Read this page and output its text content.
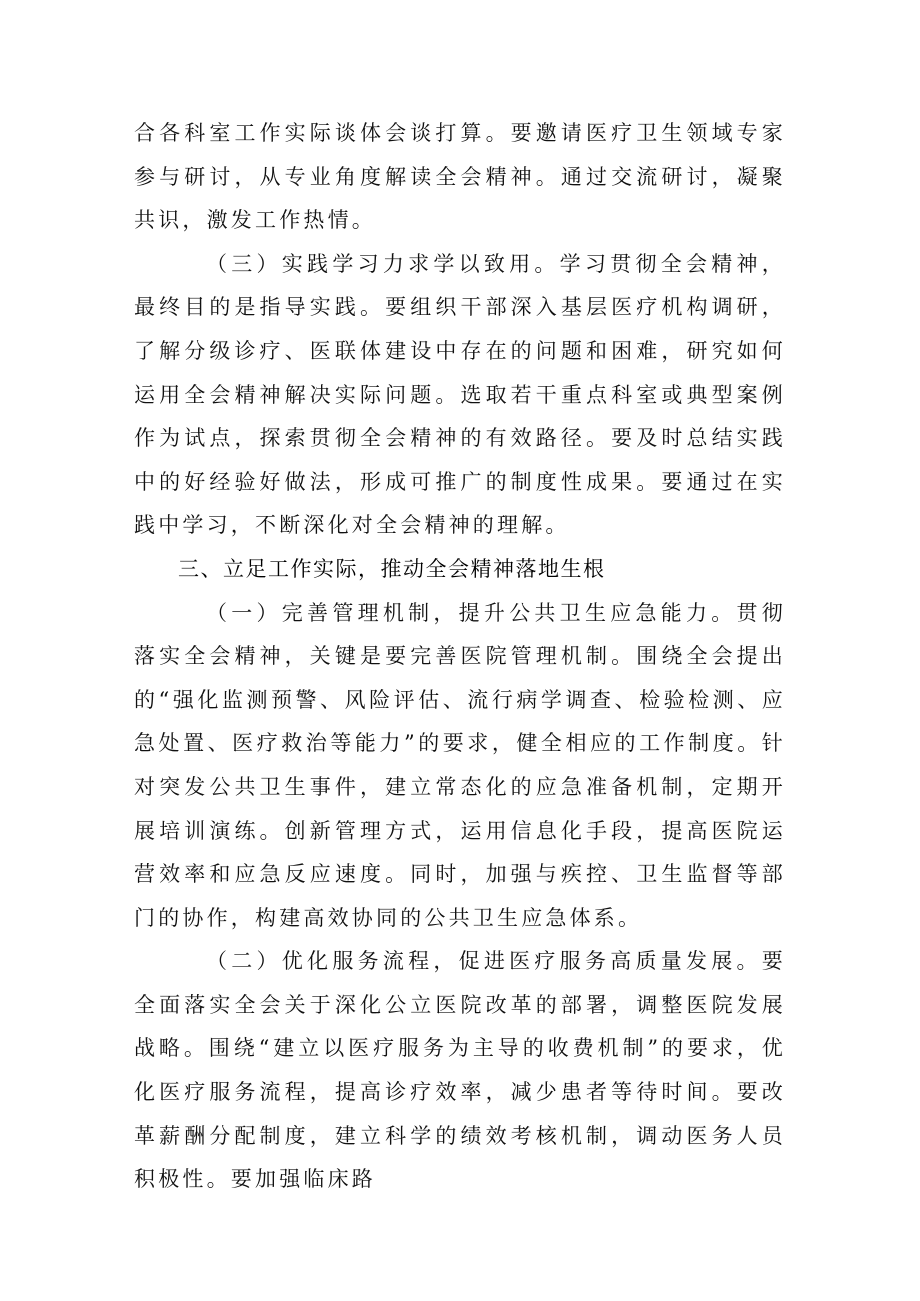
合各科室工作实际谈体会谈打算。要邀请医疗卫生领域专家参与研讨，从专业角度解读全会精神。通过交流研讨，凝聚共识，激发工作热情。

（三）实践学习力求学以致用。学习贯彻全会精神，最终目的是指导实践。要组织干部深入基层医疗机构调研，了解分级诊疗、医联体建设中存在的问题和困难，研究如何运用全会精神解决实际问题。选取若干重点科室或典型案例作为试点，探索贯彻全会精神的有效路径。要及时总结实践中的好经验好做法，形成可推广的制度性成果。要通过在实践中学习，不断深化对全会精神的理解。

三、立足工作实际，推动全会精神落地生根

（一）完善管理机制，提升公共卫生应急能力。贯彻落实全会精神，关键是要完善医院管理机制。围绕全会提出的“强化监测预警、风险评估、流行病学调查、检验检测、应急处置、医疗救治等能力”的要求，健全相应的工作制度。针对突发公共卫生事件，建立常态化的应急准备机制，定期开展培训演练。创新管理方式，运用信息化手段，提高医院运营效率和应急反应速度。同时，加强与疾控、卫生监督等部门的协作，构建高效协同的公共卫生应急体系。

（二）优化服务流程，促进医疗服务高质量发展。要全面落实全会关于深化公立医院改革的部署，调整医院发展战略。围绕“建立以医疗服务为主导的收费机制”的要求，优化医疗服务流程，提高诊疗效率，减少患者等待时间。要改革薪酬分配制度，建立科学的绩效考核机制，调动医务人员积极性。要加强临床路
